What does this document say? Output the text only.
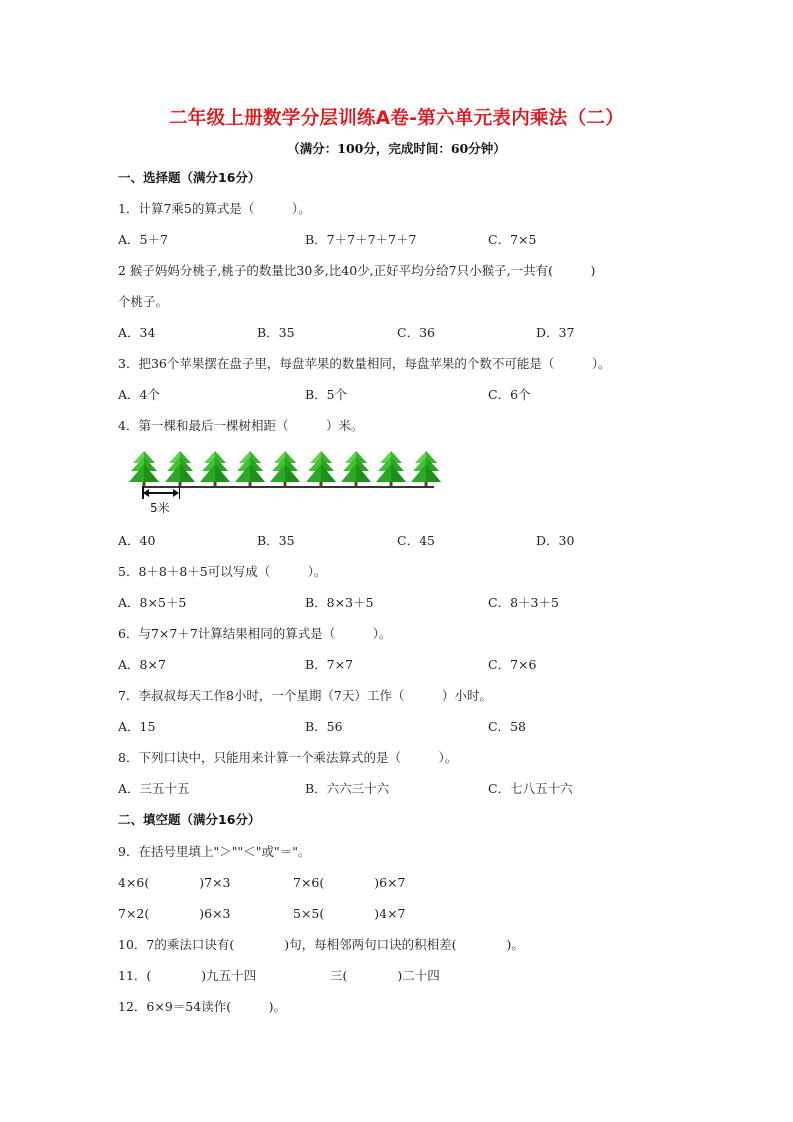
二年级上册数学分层训练A卷-第六单元表内乘法（二）
（满分：100分，完成时间：60分钟）
一、选择题（满分16分）
1．计算7乘5的算式是（　　　）。
A．5＋7	B．7＋7＋7＋7＋7	C．7×5
2 猴子妈妈分桃子,桃子的数量比30多,比40少,正好平均分给7只小猴子,一共有(　　　)
个桃子。
A．34	B．35	C．36	D．37
3．把36个苹果摆在盘子里，每盘苹果的数量相同，每盘苹果的个数不可能是（　　　）。
A．4个	B．5个	C．6个
4．第一棵和最后一棵树相距（　　　）米。
5米
A．40	B．35	C．45	D．30
5．8＋8＋8＋5可以写成（　　　）。
A．8×5＋5	B．8×3＋5	C．8＋3＋5
6．与7×7＋7计算结果相同的算式是（　　　）。
A．8×7	B．7×7	C．7×6
7．李叔叔每天工作8小时，一个星期（7天）工作（　　　）小时。
A．15	B．56	C．58
8．下列口诀中，只能用来计算一个乘法算式的是（　　　）。
A．三五十五	B．六六三十六	C．七八五十六
二、填空题（满分16分）
9．在括号里填上"＞""＜"或"＝"。
4×6(　　　　)7×3	7×6(　　　　)6×7
7×2(　　　　)6×3	5×5(　　　　)4×7
10．7的乘法口诀有(　　　　)句，每相邻两句口诀的积相差(　　　　)。
11．(　　　　)九五十四	三(　　　　)二十四
12．6×9＝54读作(　　　)。
